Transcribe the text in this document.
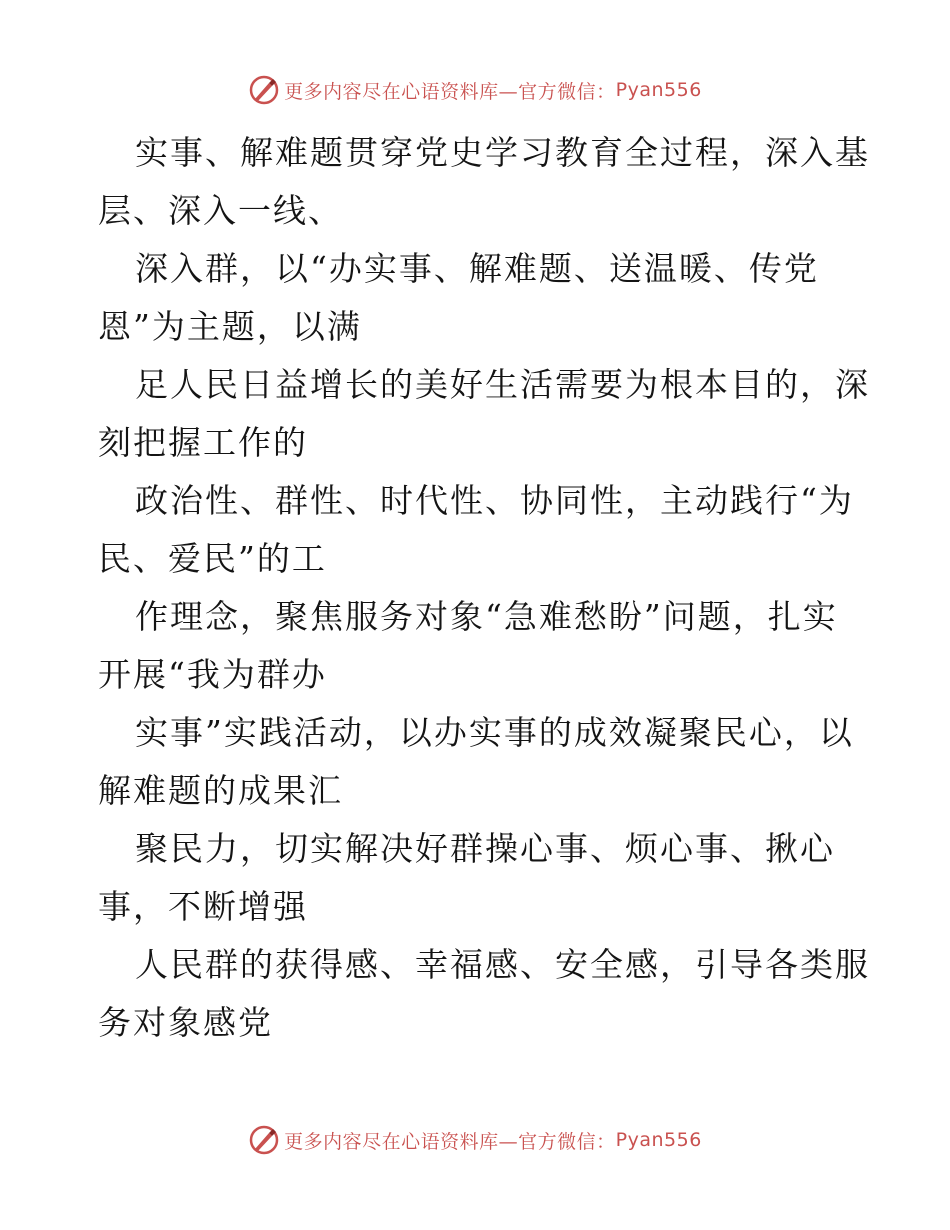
更多内容尽在心语资料库—官方微信： Pyan556
实事、解难题贯穿党史学习教育全过程，深入基
层、深入一线、
深入群，以“办实事、解难题、送温暖、传党
恩”为主题，以满
足人民日益增长的美好生活需要为根本目的，深
刻把握工作的
政治性、群性、时代性、协同性，主动践行“为
民、爱民”的工
作理念，聚焦服务对象“急难愁盼”问题，扎实
开展“我为群办
实事”实践活动，以办实事的成效凝聚民心，以
解难题的成果汇
聚民力，切实解决好群操心事、烦心事、揪心
事，不断增强
人民群的获得感、幸福感、安全感，引导各类服
务对象感党
更多内容尽在心语资料库—官方微信： Pyan556
